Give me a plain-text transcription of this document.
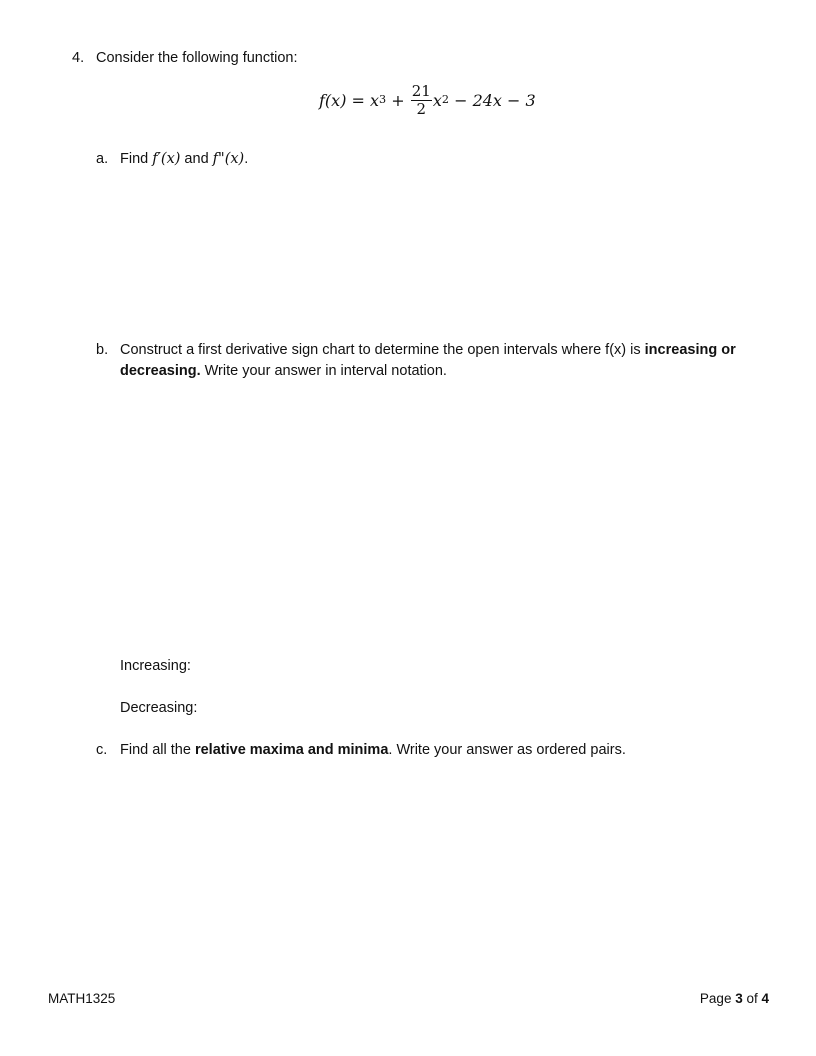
4. Consider the following function:
f(x) = x $3 + \frac{21}{2}$ x 2 − 24x − 3
a. Find f′(x) and f"(x).
b. Construct a first derivative sign chart to determine the open intervals where f(x) is increasing or
decreasing. Write your answer in interval notation.
Increasing:
Decreasing:
c. Find all the relative maxima and minima. Write your answer as ordered pairs.
MATH1325	Page 3 of 4
